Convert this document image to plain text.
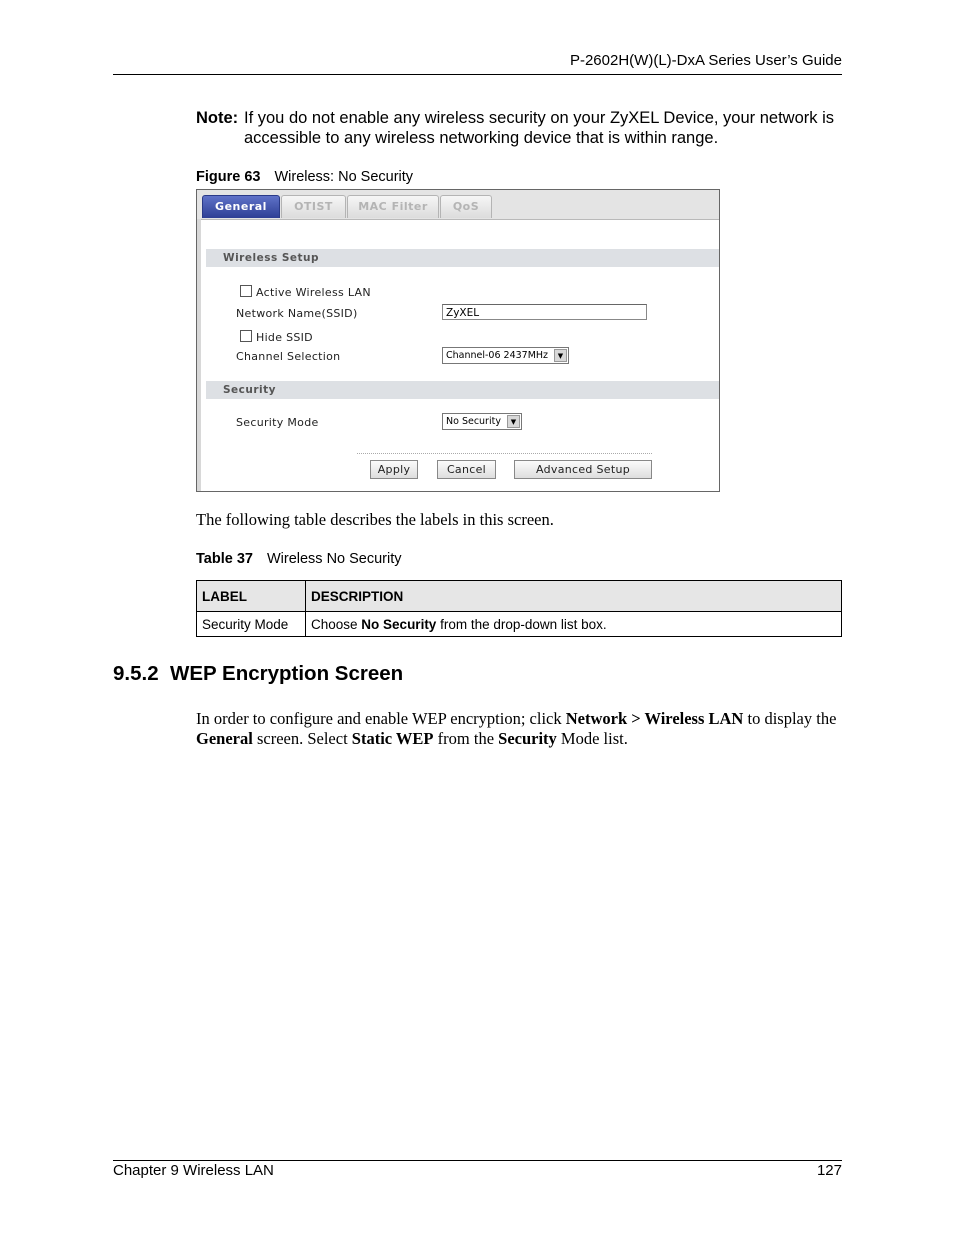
P-2602H(W)(L)-DxA Series User’s Guide
Note: If you do not enable any wireless security on your ZyXEL Device, your network is accessible to any wireless networking device that is within range.
Figure 63 Wireless: No Security
General	OTIST	MAC Filter	QoS
Wireless Setup
Active Wireless LAN
Network Name(SSID)	ZyXEL
Hide SSID
Channel Selection	Channel-06 2437MHz	▼
Security
Security Mode	No Security	▼
Apply	Cancel	Advanced Setup
The following table describes the labels in this screen.
Table 37 Wireless No Security
LABEL	DESCRIPTION
Security Mode	Choose No Security from the drop-down list box.
9.5.2 WEP Encryption Screen
In order to configure and enable WEP encryption; click Network > Wireless LAN to display the General screen. Select Static WEP from the Security Mode list.
Chapter 9 Wireless LAN	127
